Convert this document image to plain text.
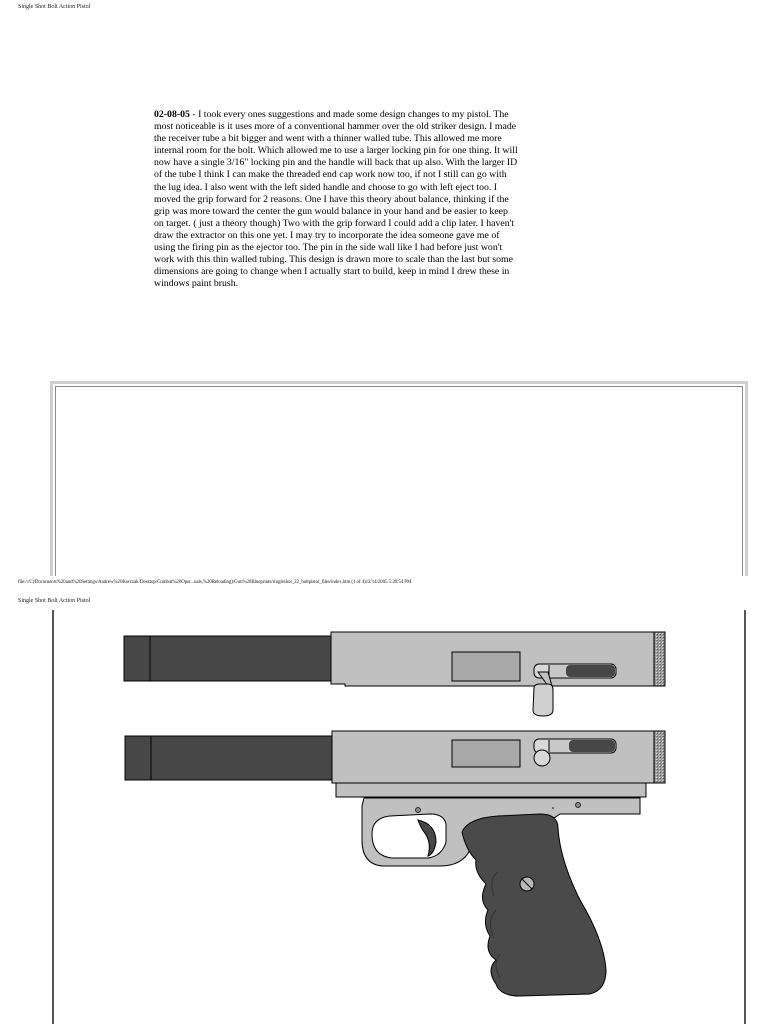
Single Shot Bolt Action Pistol
02-08-05 - I took every ones suggestions and made some design changes to my pistol. The most noticeable is it uses more of a conventional hammer over the old striker design. I made the receiver tube a bit bigger and went with a thinner walled tube. This allowed me more internal room for the bolt. Which allowed me to use a larger locking pin for one thing. It will now have a single 3/16" locking pin and the handle will back that up also. With the larger ID of the tube I think I can make the threaded end cap work now too, if not I still can go with the lug idea. I also went with the left sided handle and choose to go with left eject too. I moved the grip forward for 2 reasons. One I have this theory about balance, thinking if the grip was more toward the center the gun would balance in your hand and be easier to keep on target. ( just a theory though) Two with the grip forward I could add a clip later. I haven't draw the extractor on this one yet. I may try to incorporate the idea someone gave me of using the firing pin as the ejector too. The pin in the side wall like I had before just won't work with this thin walled tubing. This design is drawn more to scale than the last but some dimensions are going to change when I actually start to build, keep in mind I drew these in windows paint brush.
file:///C|/Documents%20and%20Settings/Andrew%20Korczak/Desktop/Combat%20Oper...uals,%20Reloading)/Gun%20Blueprints/singleshot_22_boltpistol_files/index.htm (1 of 4)12/14/2005 5:20:54 PM
Single Shot Bolt Action Pistol
